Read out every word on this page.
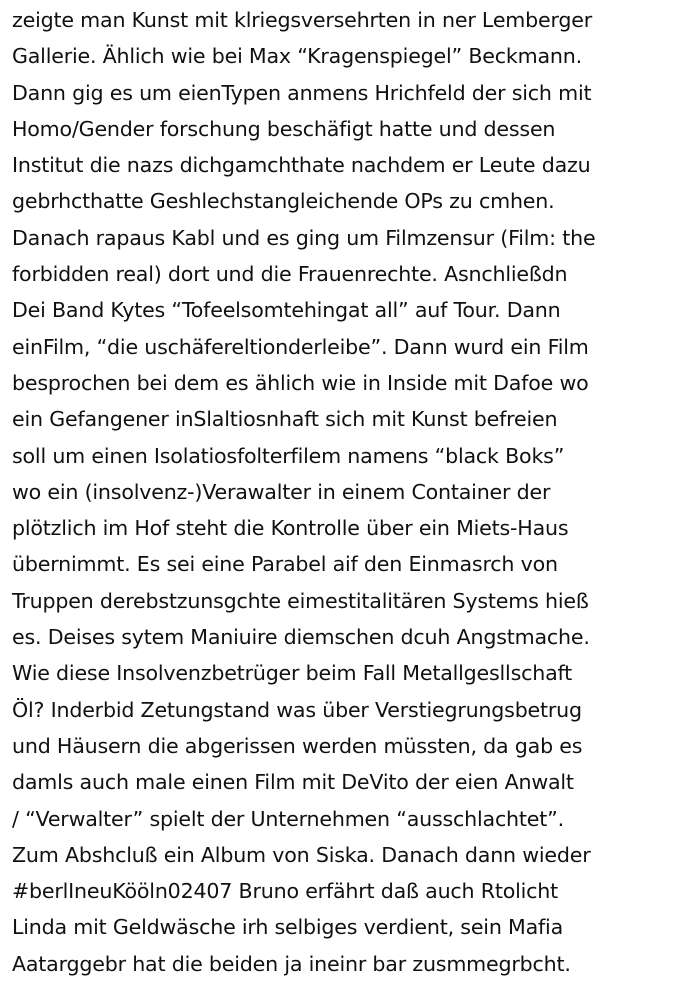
zeigte man Kunst mit klriegsversehrten in ner Lemberger
Gallerie. Ählich wie bei Max “Kragenspiegel” Beckmann.
Dann gig es um eienTypen anmens Hrichfeld der sich mit
Homo/Gender forschung beschäfigt hatte und dessen
Institut die nazs dichgamchthate nachdem er Leute dazu
gebrhcthatte Geshlechstangleichende OPs zu cmhen.
Danach rapaus Kabl und es ging um Filmzensur (Film: the
forbidden real) dort und die Frauenrechte. Asnchließdn
Dei Band Kytes “Tofeelsomtehingat all” auf Tour. Dann
einFilm, “die uschäfereltionderleibe”. Dann wurd ein Film
besprochen bei dem es ählich wie in Inside mit Dafoe wo
ein Gefangener inSlaltiosnhaft sich mit Kunst befreien
soll um einen Isolatiosfolterfilem namens “black Boks”
wo ein (insolvenz-)Verawalter in einem Container der
plötzlich im Hof steht die Kontrolle über ein Miets-Haus
übernimmt. Es sei eine Parabel aif den Einmasrch von
Truppen derebstzunsgchte eimestitalitären Systems hieß
es. Deises sytem Maniuire diemschen dcuh Angstmache.
Wie diese Insolvenzbetrüger beim Fall Metallgesllschaft
Öl? Inderbid Zetungstand was über Verstiegrungsbetrug
und Häusern die abgerissen werden müssten, da gab es
damls auch male einen Film mit DeVito der eien Anwalt
/ “Verwalter” spielt der Unternehmen “ausschlachtet”.
Zum Abshcluß ein Album von Siska. Danach dann wieder
#berlIneuKööln02407 Bruno erfährt daß auch Rtolicht
Linda mit Geldwäsche irh selbiges verdient, sein Mafia
Aatarggebr hat die beiden ja ineinr bar zusmmegrbcht.
